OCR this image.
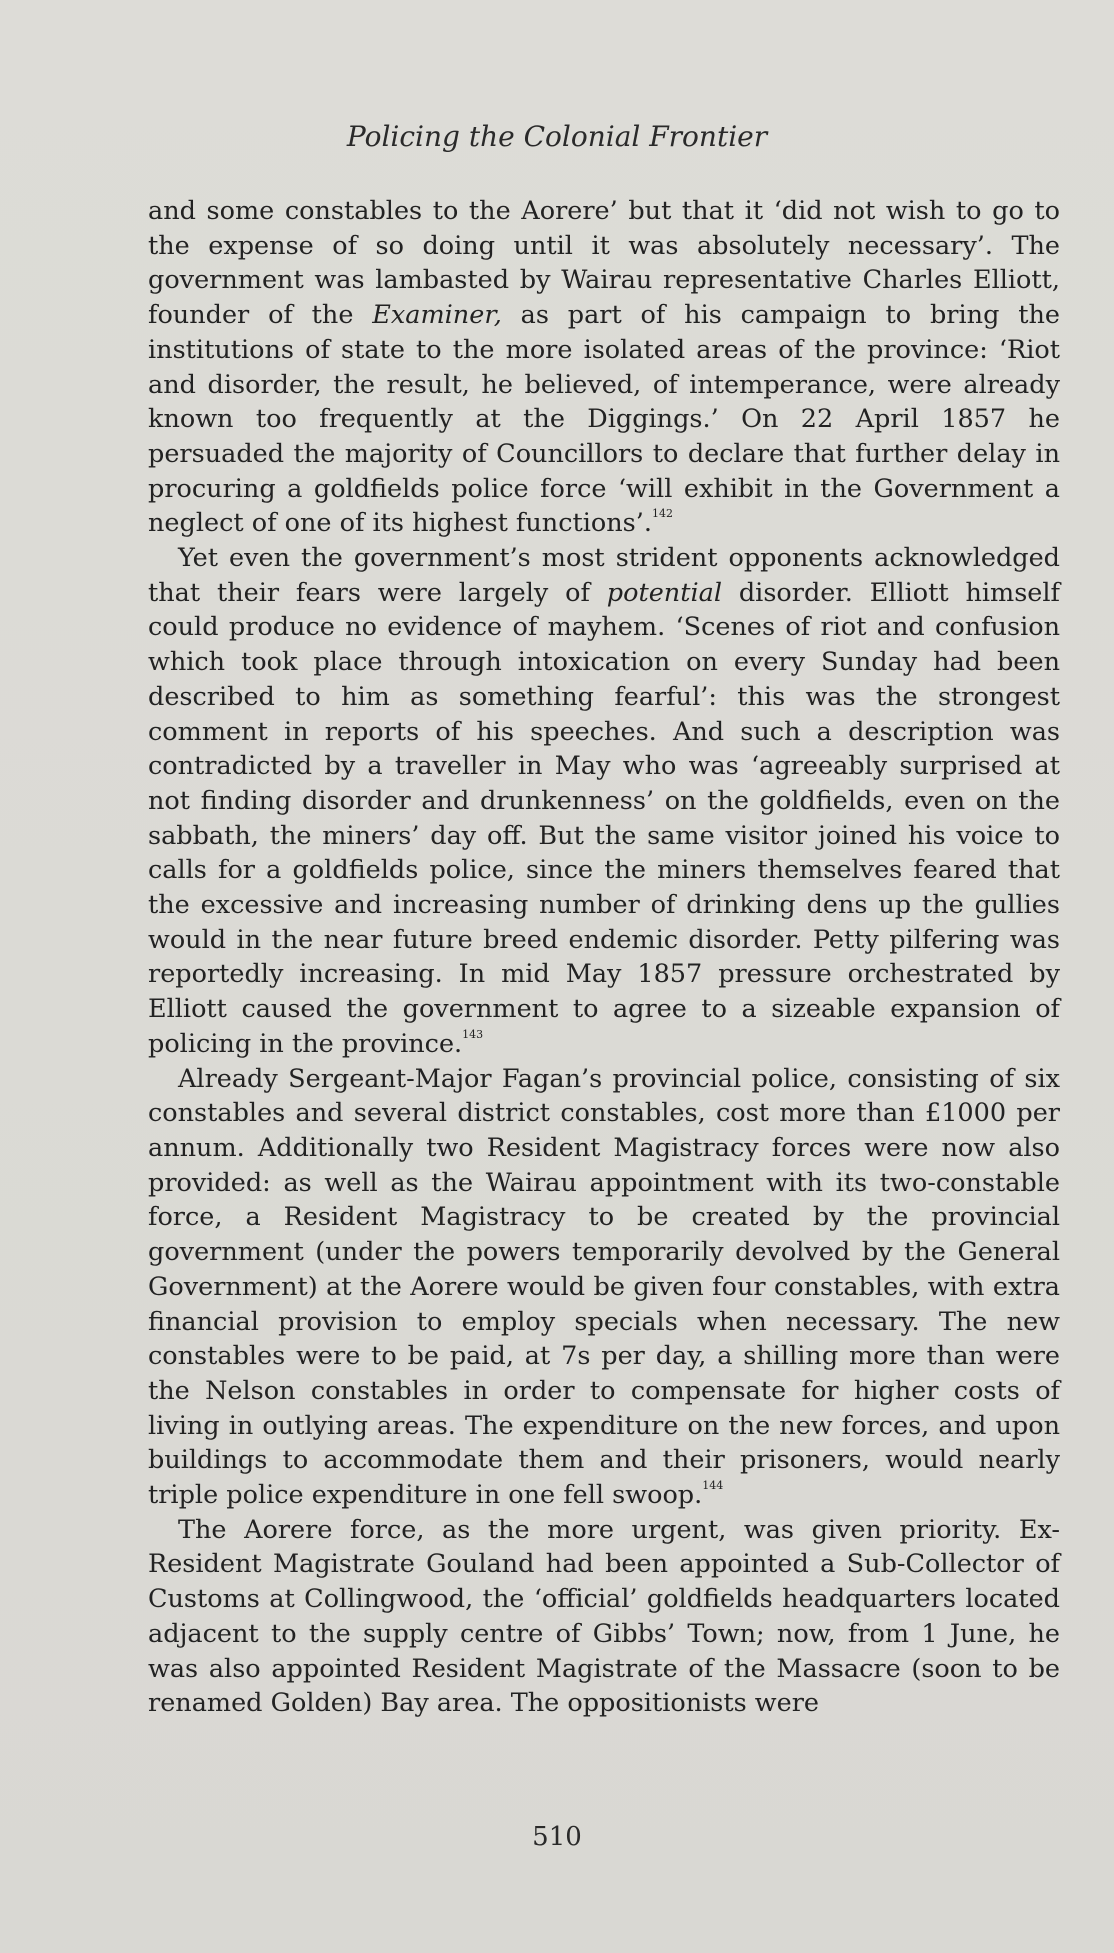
Policing the Colonial Frontier

and some constables to the Aorere’ but that it ‘did not wish to go to the expense of so doing until it was absolutely necessary’. The government was lambasted by Wairau representative Charles Elliott, founder of the Examiner, as part of his campaign to bring the institutions of state to the more isolated areas of the province: ‘Riot and disorder, the result, he believed, of intemperance, were already known too frequently at the Diggings.’ On 22 April 1857 he persuaded the majority of Councillors to declare that further delay in procuring a goldfields police force ‘will exhibit in the Government a neglect of one of its highest functions’.$^{142}$

Yet even the government’s most strident opponents acknowledged that their fears were largely of potential disorder. Elliott himself could produce no evidence of mayhem. ‘Scenes of riot and confusion which took place through intoxication on every Sunday had been described to him as something fearful’: this was the strongest comment in reports of his speeches. And such a description was contradicted by a traveller in May who was ‘agreeably surprised at not finding disorder and drunkenness’ on the goldfields, even on the sabbath, the miners’ day off. But the same visitor joined his voice to calls for a goldfields police, since the miners themselves feared that the excessive and increasing number of drinking dens up the gullies would in the near future breed endemic disorder. Petty pilfering was reportedly increasing. In mid May 1857 pressure orchestrated by Elliott caused the government to agree to a sizeable expansion of policing in the province.$^{143}$

Already Sergeant-Major Fagan’s provincial police, consisting of six constables and several district constables, cost more than £1000 per annum. Additionally two Resident Magistracy forces were now also provided: as well as the Wairau appointment with its two-constable force, a Resident Magistracy to be created by the provincial government (under the powers temporarily devolved by the General Government) at the Aorere would be given four constables, with extra financial provision to employ specials when necessary. The new constables were to be paid, at 7s per day, a shilling more than were the Nelson constables in order to compensate for higher costs of living in outlying areas. The expenditure on the new forces, and upon buildings to accommodate them and their prisoners, would nearly triple police expenditure in one fell swoop.$^{144}$

The Aorere force, as the more urgent, was given priority. Ex-Resident Magistrate Gouland had been appointed a Sub-Collector of Customs at Collingwood, the ‘official’ goldfields headquarters located adjacent to the supply centre of Gibbs’ Town; now, from 1 June, he was also appointed Resident Magistrate of the Massacre (soon to be renamed Golden) Bay area. The oppositionists were

510
